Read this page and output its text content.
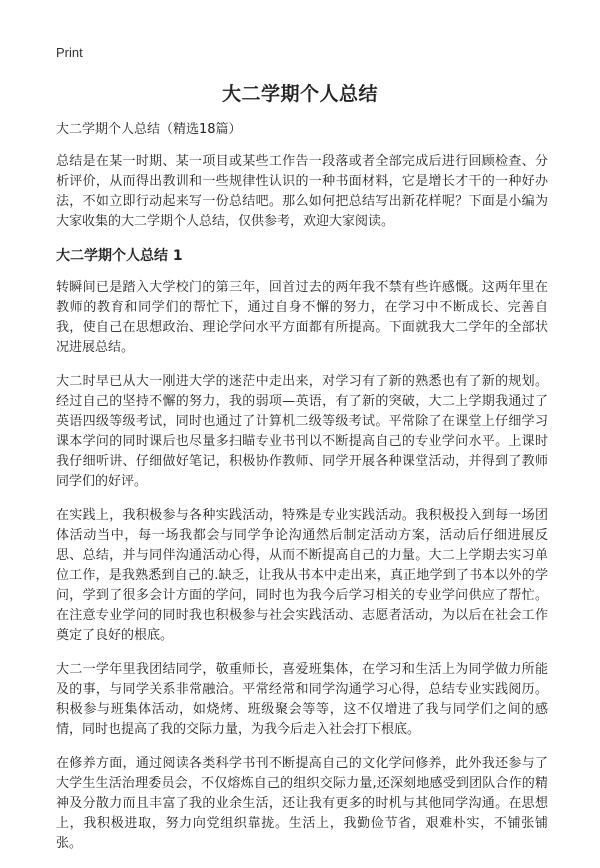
Print
大二学期个人总结
大二学期个人总结（精选18篇）

总结是在某一时期、某一项目或某些工作告一段落或者全部完成后进行回顾检查、分析评价，从而得出教训和一些规律性认识的一种书面材料，它是增长才干的一种好办法，不如立即行动起来写一份总结吧。那么如何把总结写出新花样呢？下面是小编为大家收集的大二学期个人总结，仅供参考，欢迎大家阅读。

大二学期个人总结 1

转瞬间已是踏入大学校门的第三年，回首过去的两年我不禁有些许感慨。这两年里在教师的教育和同学们的帮忙下，通过自身不懈的努力，在学习中不断成长、完善自我，使自己在思想政治、理论学问水平方面都有所提高。下面就我大二学年的全部状况进展总结。

大二时早已从大一刚进大学的迷茫中走出来，对学习有了新的熟悉也有了新的规划。经过自己的坚持不懈的努力，我的弱项—英语，有了新的突破，大二上学期我通过了英语四级等级考试，同时也通过了计算机二级等级考试。平常除了在课堂上仔细学习课本学问的同时课后也尽量多扫瞄专业书刊以不断提高自己的专业学问水平。上课时我仔细听讲、仔细做好笔记，积极协作教师、同学开展各种课堂活动，并得到了教师同学们的好评。

在实践上，我积极参与各种实践活动，特殊是专业实践活动。我积极投入到每一场团体活动当中，每一场我都会与同学争论沟通然后制定活动方案，活动后仔细进展反思、总结，并与同伴沟通活动心得，从而不断提高自己的力量。大二上学期去实习单位工作，是我熟悉到自己的.缺乏，让我从书本中走出来，真正地学到了书本以外的学问，学到了很多会计方面的学问，同时也为我今后学习相关的专业学问供应了帮忙。在注意专业学问的同时我也积极参与社会实践活动、志愿者活动，为以后在社会工作奠定了良好的根底。

大二一学年里我团结同学，敬重师长，喜爱班集体，在学习和生活上为同学做力所能及的事，与同学关系非常融洽。平常经常和同学沟通学习心得，总结专业实践阅历。积极参与班集体活动，如烧烤、班级聚会等等，这不仅增进了我与同学们之间的感情，同时也提高了我的交际力量，为我今后走入社会打下根底。

在修养方面，通过阅读各类科学书刊不断提高自己的文化学问修养，此外我还参与了大学生生活治理委员会，不仅熔炼自己的组织交际力量,还深刻地感受到团队合作的精神及分散力而且丰富了我的业余生活，还让我有更多的时机与其他同学沟通。在思想上，我积极进取，努力向党组织靠拢。生活上，我勤俭节省，艰难朴实，不铺张铺张。
